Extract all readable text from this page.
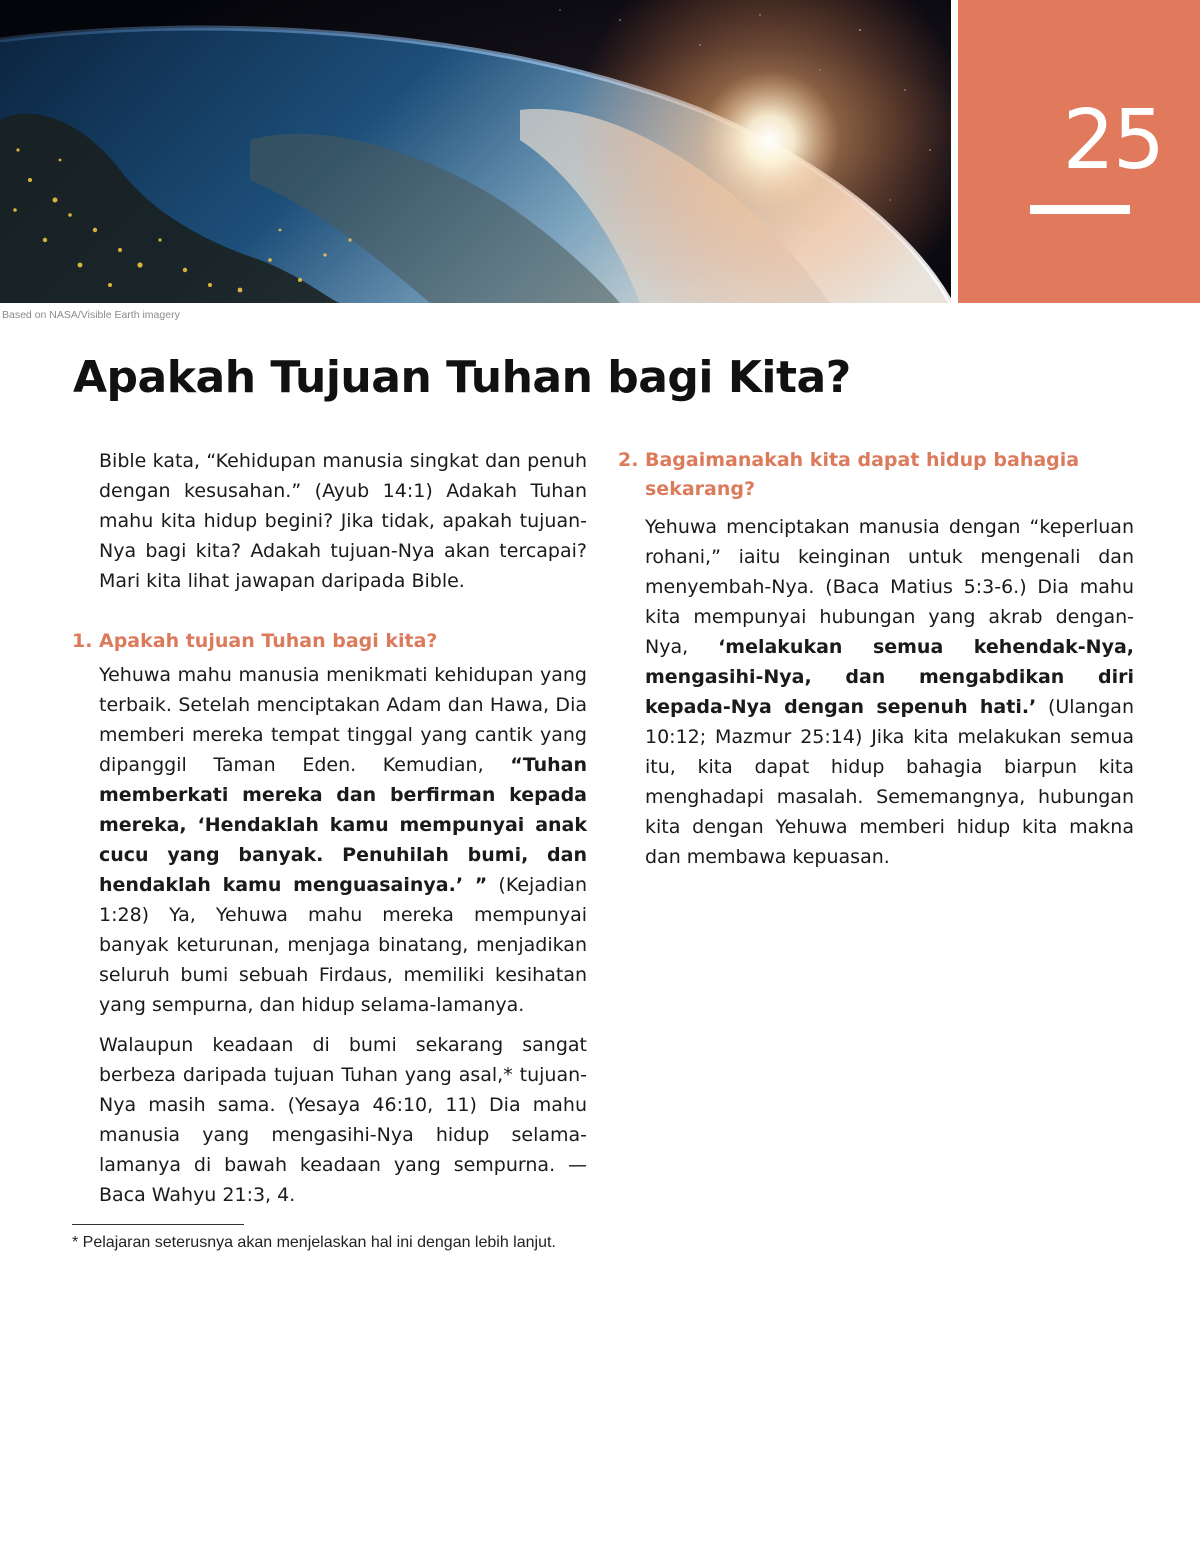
25
Based on NASA/Visible Earth imagery
Apakah Tujuan Tuhan bagi Kita?

Bible kata, “Kehidupan manusia singkat dan penuh dengan kesusahan.” (Ayub 14:1) Adakah Tuhan mahu kita hidup begini? Jika tidak, apakah tujuan-Nya bagi kita? Adakah tujuan-Nya akan tercapai? Mari kita lihat jawapan daripada Bible.

1. Apakah tujuan Tuhan bagi kita?

Yehuwa mahu manusia menikmati kehidupan yang terbaik. Setelah menciptakan Adam dan Hawa, Dia memberi mereka tempat tinggal yang cantik yang dipanggil Taman Eden. Kemudian, “Tuhan memberkati mereka dan berfirman kepada mereka, ‘Hendaklah kamu mempunyai anak cucu yang banyak. Penuhilah bumi, dan hendaklah kamu menguasainya.’ ” (Kejadian 1:28) Ya, Yehuwa mahu mereka mempunyai banyak keturunan, menjaga binatang, menjadikan seluruh bumi sebuah Firdaus, memiliki kesihatan yang sempurna, dan hidup selama-lamanya.

Walaupun keadaan di bumi sekarang sangat berbeza daripada tujuan Tuhan yang asal,* tujuan-Nya masih sama. (Yesaya 46:10, 11) Dia mahu manusia yang mengasihi-Nya hidup selama-lamanya di bawah keadaan yang sempurna. —Baca Wahyu 21:3, 4.

* Pelajaran seterusnya akan menjelaskan hal ini dengan lebih lanjut.

2. Bagaimanakah kita dapat hidup bahagia sekarang?

Yehuwa menciptakan manusia dengan “keperluan rohani,” iaitu keinginan untuk mengenali dan menyembah-Nya. (Baca Matius 5:3-6.) Dia mahu kita mempunyai hubungan yang akrab dengan-Nya, ‘melakukan semua kehendak-Nya, mengasihi-Nya, dan mengabdikan diri kepada-Nya dengan sepenuh hati.’ (Ulangan 10:12; Mazmur 25:14) Jika kita melakukan semua itu, kita dapat hidup bahagia biarpun kita menghadapi masalah. Sememangnya, hubungan kita dengan Yehuwa memberi hidup kita makna dan membawa kepuasan.
